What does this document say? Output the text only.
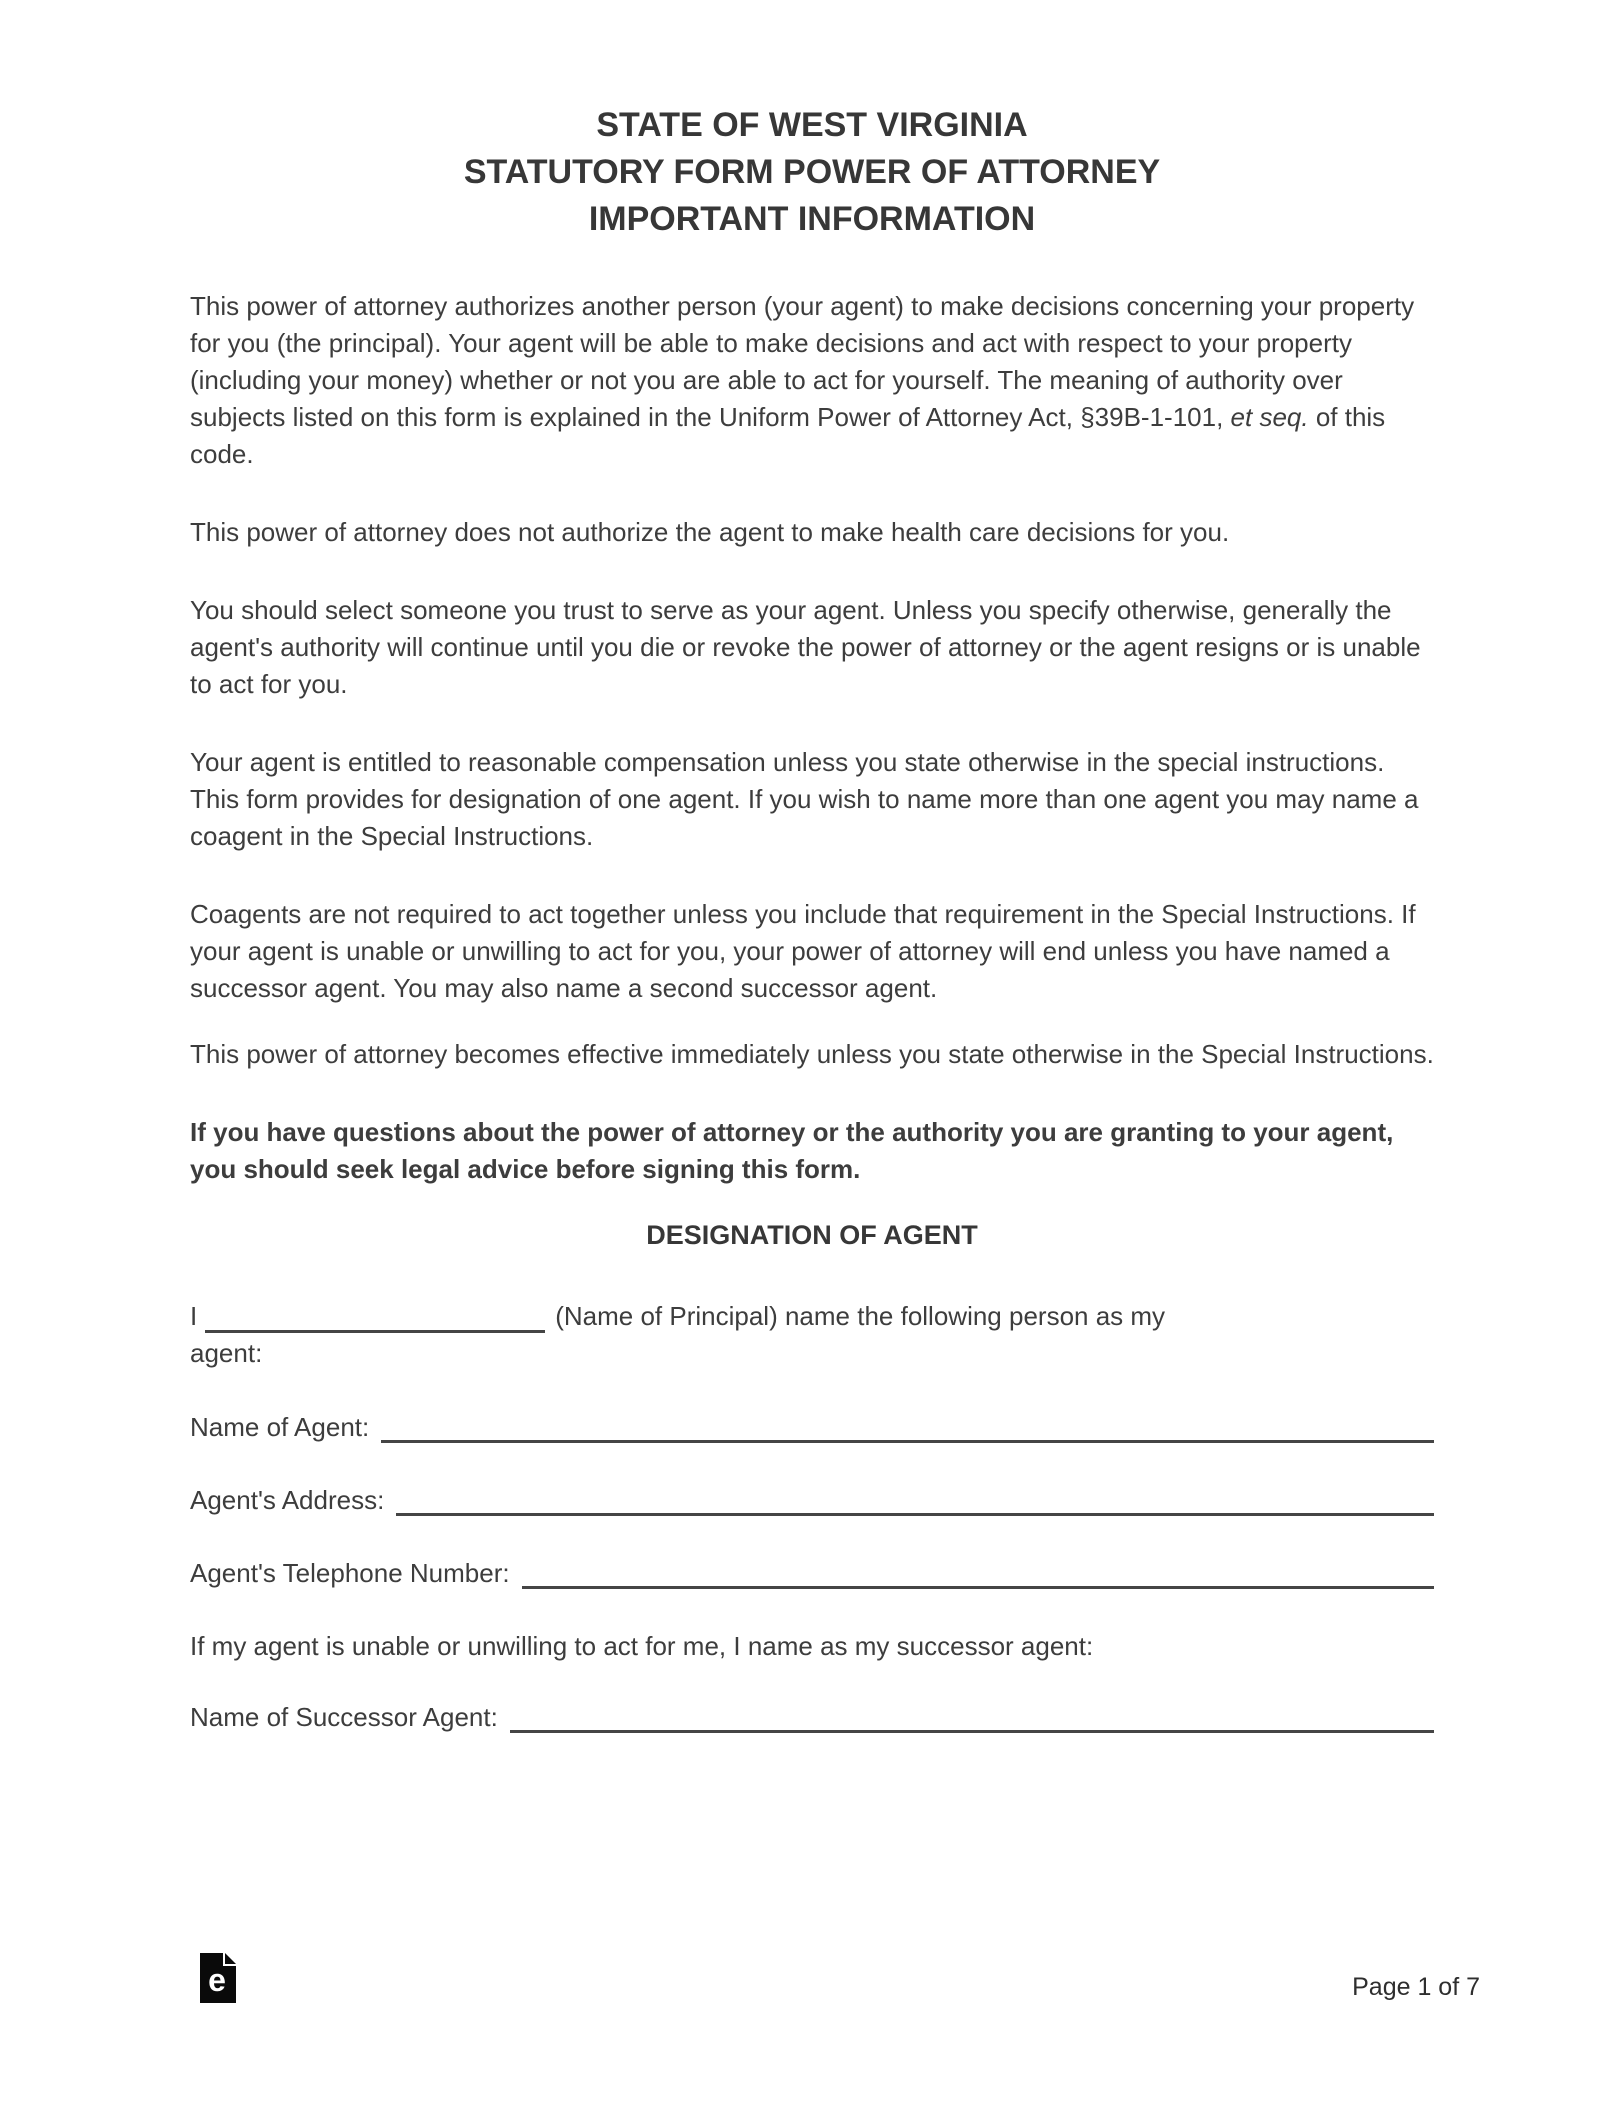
STATE OF WEST VIRGINIA
STATUTORY FORM POWER OF ATTORNEY
IMPORTANT INFORMATION

This power of attorney authorizes another person (your agent) to make decisions concerning your property for you (the principal). Your agent will be able to make decisions and act with respect to your property (including your money) whether or not you are able to act for yourself. The meaning of authority over subjects listed on this form is explained in the Uniform Power of Attorney Act, §39B-1-101, et seq. of this code.

This power of attorney does not authorize the agent to make health care decisions for you.

You should select someone you trust to serve as your agent. Unless you specify otherwise, generally the agent's authority will continue until you die or revoke the power of attorney or the agent resigns or is unable to act for you.

Your agent is entitled to reasonable compensation unless you state otherwise in the special instructions. This form provides for designation of one agent. If you wish to name more than one agent you may name a coagent in the Special Instructions.

Coagents are not required to act together unless you include that requirement in the Special Instructions. If your agent is unable or unwilling to act for you, your power of attorney will end unless you have named a successor agent. You may also name a second successor agent.

This power of attorney becomes effective immediately unless you state otherwise in the Special Instructions.

If you have questions about the power of attorney or the authority you are granting to your agent, you should seek legal advice before signing this form.

DESIGNATION OF AGENT

I	(Name of Principal) name the following person as my
agent:

Name of Agent:
Agent's Address:
Agent's Telephone Number:

If my agent is unable or unwilling to act for me, I name as my successor agent:

Name of Successor Agent:
e	Page 1 of 7
